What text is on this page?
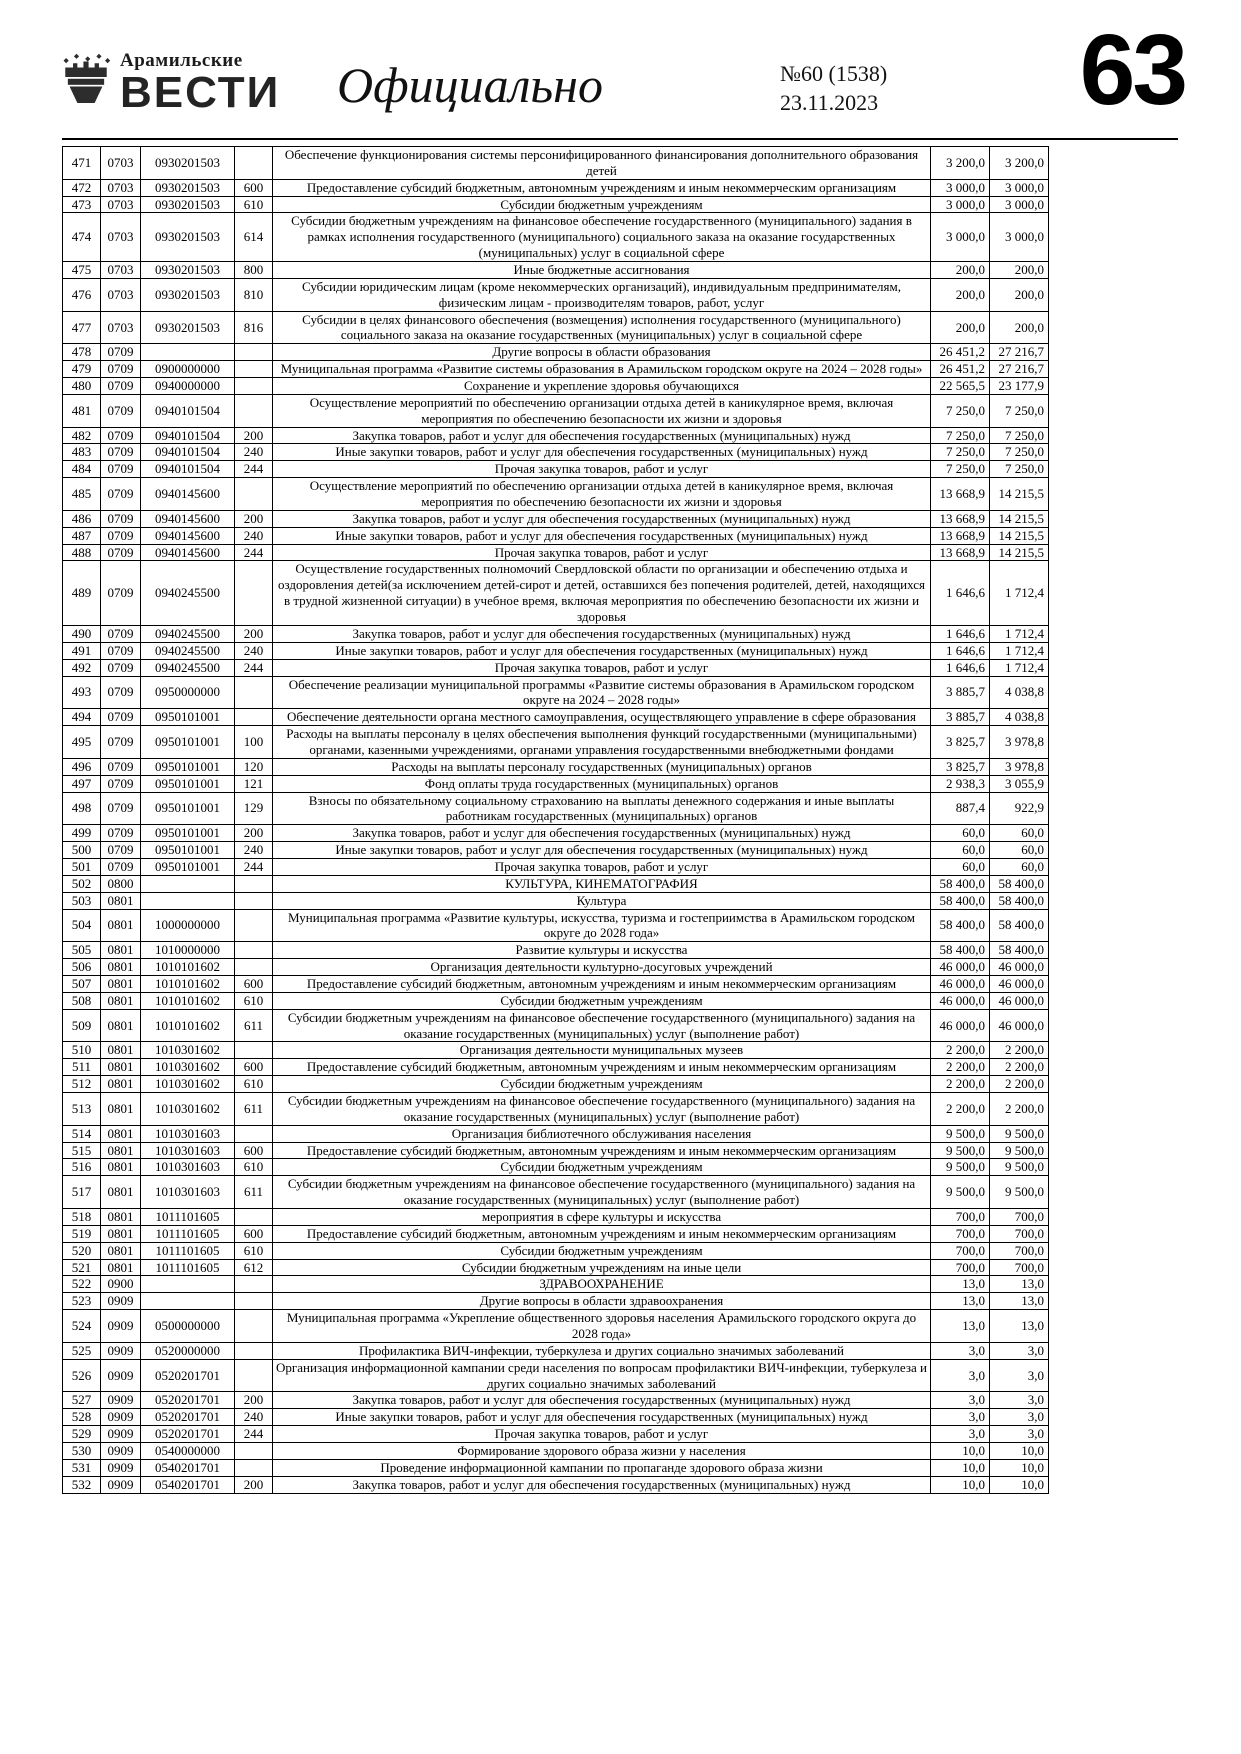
Арамильские
ВЕСТИ	Официально	№60 (1538)
23.11.2023 63
471	0703	0930201503		Обеспечение функционирования системы персонифицированного финансирования дополнительного образования детей	3 200,0	3 200,0
472	0703	0930201503	600	Предоставление субсидий бюджетным, автономным учреждениям и иным некоммерческим организациям	3 000,0	3 000,0
473	0703	0930201503	610	Субсидии бюджетным учреждениям	3 000,0	3 000,0
474	0703	0930201503	614	Субсидии бюджетным учреждениям на финансовое обеспечение государственного (муниципального) задания в рамках исполнения государственного (муниципального) социального заказа на оказание государственных (муниципальных) услуг в социальной сфере	3 000,0	3 000,0
475	0703	0930201503	800	Иные бюджетные ассигнования	200,0	200,0
476	0703	0930201503	810	Субсидии юридическим лицам (кроме некоммерческих организаций), индивидуальным предпринимателям, физическим лицам - производителям товаров, работ, услуг	200,0	200,0
477	0703	0930201503	816	Субсидии в целях финансового обеспечения (возмещения) исполнения государственного (муниципального) социального заказа на оказание государственных (муниципальных) услуг в социальной сфере	200,0	200,0
478	0709			Другие вопросы в области образования	26 451,2	27 216,7
479	0709	0900000000		Муниципальная программа «Развитие системы образования в Арамильском городском округе на 2024 – 2028 годы»	26 451,2	27 216,7
480	0709	0940000000		Сохранение и укрепление здоровья обучающихся	22 565,5	23 177,9
481	0709	0940101504		Осуществление мероприятий по обеспечению организации отдыха детей в каникулярное время, включая мероприятия по обеспечению безопасности их жизни и здоровья	7 250,0	7 250,0
482	0709	0940101504	200	Закупка товаров, работ и услуг для обеспечения государственных (муниципальных) нужд	7 250,0	7 250,0
483	0709	0940101504	240	Иные закупки товаров, работ и услуг для обеспечения государственных (муниципальных) нужд	7 250,0	7 250,0
484	0709	0940101504	244	Прочая закупка товаров, работ и услуг	7 250,0	7 250,0
485	0709	0940145600		Осуществление мероприятий по обеспечению организации отдыха детей в каникулярное время, включая мероприятия по обеспечению безопасности их жизни и здоровья	13 668,9	14 215,5
486	0709	0940145600	200	Закупка товаров, работ и услуг для обеспечения государственных (муниципальных) нужд	13 668,9	14 215,5
487	0709	0940145600	240	Иные закупки товаров, работ и услуг для обеспечения государственных (муниципальных) нужд	13 668,9	14 215,5
488	0709	0940145600	244	Прочая закупка товаров, работ и услуг	13 668,9	14 215,5
489	0709	0940245500		Осуществление государственных полномочий Свердловской области по организации и обеспечению отдыха и оздоровления детей(за исключением детей-сирот и детей, оставшихся без попечения родителей, детей, находящихся в трудной жизненной ситуации) в учебное время, включая мероприятия по обеспечению безопасности их жизни и здоровья	1 646,6	1 712,4
490	0709	0940245500	200	Закупка товаров, работ и услуг для обеспечения государственных (муниципальных) нужд	1 646,6	1 712,4
491	0709	0940245500	240	Иные закупки товаров, работ и услуг для обеспечения государственных (муниципальных) нужд	1 646,6	1 712,4
492	0709	0940245500	244	Прочая закупка товаров, работ и услуг	1 646,6	1 712,4
493	0709	0950000000		Обеспечение реализации муниципальной программы «Развитие системы образования в Арамильском городском округе на 2024 – 2028 годы»	3 885,7	4 038,8
494	0709	0950101001		Обеспечение деятельности органа местного самоуправления, осуществляющего управление в сфере образования	3 885,7	4 038,8
495	0709	0950101001	100	Расходы на выплаты персоналу в целях обеспечения выполнения функций государственными (муниципальными) органами, казенными учреждениями, органами управления государственными внебюджетными фондами	3 825,7	3 978,8
496	0709	0950101001	120	Расходы на выплаты персоналу государственных (муниципальных) органов	3 825,7	3 978,8
497	0709	0950101001	121	Фонд оплаты труда государственных (муниципальных) органов	2 938,3	3 055,9
498	0709	0950101001	129	Взносы по обязательному социальному страхованию на выплаты денежного содержания и иные выплаты работникам государственных (муниципальных) органов	887,4	922,9
499	0709	0950101001	200	Закупка товаров, работ и услуг для обеспечения государственных (муниципальных) нужд	60,0	60,0
500	0709	0950101001	240	Иные закупки товаров, работ и услуг для обеспечения государственных (муниципальных) нужд	60,0	60,0
501	0709	0950101001	244	Прочая закупка товаров, работ и услуг	60,0	60,0
502	0800			КУЛЬТУРА, КИНЕМАТОГРАФИЯ	58 400,0	58 400,0
503	0801			Культура	58 400,0	58 400,0
504	0801	1000000000		Муниципальная программа «Развитие культуры, искусства, туризма и гостеприимства в Арамильском городском округе до 2028 года»	58 400,0	58 400,0
505	0801	1010000000		Развитие культуры и искусства	58 400,0	58 400,0
506	0801	1010101602		Организация деятельности культурно-досуговых учреждений	46 000,0	46 000,0
507	0801	1010101602	600	Предоставление субсидий бюджетным, автономным учреждениям и иным некоммерческим организациям	46 000,0	46 000,0
508	0801	1010101602	610	Субсидии бюджетным учреждениям	46 000,0	46 000,0
509	0801	1010101602	611	Субсидии бюджетным учреждениям на финансовое обеспечение государственного (муниципального) задания на оказание государственных (муниципальных) услуг (выполнение работ)	46 000,0	46 000,0
510	0801	1010301602		Организация деятельности муниципальных музеев	2 200,0	2 200,0
511	0801	1010301602	600	Предоставление субсидий бюджетным, автономным учреждениям и иным некоммерческим организациям	2 200,0	2 200,0
512	0801	1010301602	610	Субсидии бюджетным учреждениям	2 200,0	2 200,0
513	0801	1010301602	611	Субсидии бюджетным учреждениям на финансовое обеспечение государственного (муниципального) задания на оказание государственных (муниципальных) услуг (выполнение работ)	2 200,0	2 200,0
514	0801	1010301603		Организация библиотечного обслуживания населения	9 500,0	9 500,0
515	0801	1010301603	600	Предоставление субсидий бюджетным, автономным учреждениям и иным некоммерческим организациям	9 500,0	9 500,0
516	0801	1010301603	610	Субсидии бюджетным учреждениям	9 500,0	9 500,0
517	0801	1010301603	611	Субсидии бюджетным учреждениям на финансовое обеспечение государственного (муниципального) задания на оказание государственных (муниципальных) услуг (выполнение работ)	9 500,0	9 500,0
518	0801	1011101605		мероприятия в сфере культуры и искусства	700,0	700,0
519	0801	1011101605	600	Предоставление субсидий бюджетным, автономным учреждениям и иным некоммерческим организациям	700,0	700,0
520	0801	1011101605	610	Субсидии бюджетным учреждениям	700,0	700,0
521	0801	1011101605	612	Субсидии бюджетным учреждениям на иные цели	700,0	700,0
522	0900			ЗДРАВООХРАНЕНИЕ	13,0	13,0
523	0909			Другие вопросы в области здравоохранения	13,0	13,0
524	0909	0500000000		Муниципальная программа «Укрепление общественного здоровья населения Арамильского городского округа до 2028 года»	13,0	13,0
525	0909	0520000000		Профилактика ВИЧ-инфекции, туберкулеза и других социально значимых заболеваний	3,0	3,0
526	0909	0520201701		Организация информационной кампании среди населения по вопросам профилактики ВИЧ-инфекции, туберкулеза и других социально значимых заболеваний	3,0	3,0
527	0909	0520201701	200	Закупка товаров, работ и услуг для обеспечения государственных (муниципальных) нужд	3,0	3,0
528	0909	0520201701	240	Иные закупки товаров, работ и услуг для обеспечения государственных (муниципальных) нужд	3,0	3,0
529	0909	0520201701	244	Прочая закупка товаров, работ и услуг	3,0	3,0
530	0909	0540000000		Формирование здорового образа жизни у населения	10,0	10,0
531	0909	0540201701		Проведение информационной кампании по пропаганде здорового образа жизни	10,0	10,0
532	0909	0540201701	200	Закупка товаров, работ и услуг для обеспечения государственных (муниципальных) нужд	10,0	10,0
